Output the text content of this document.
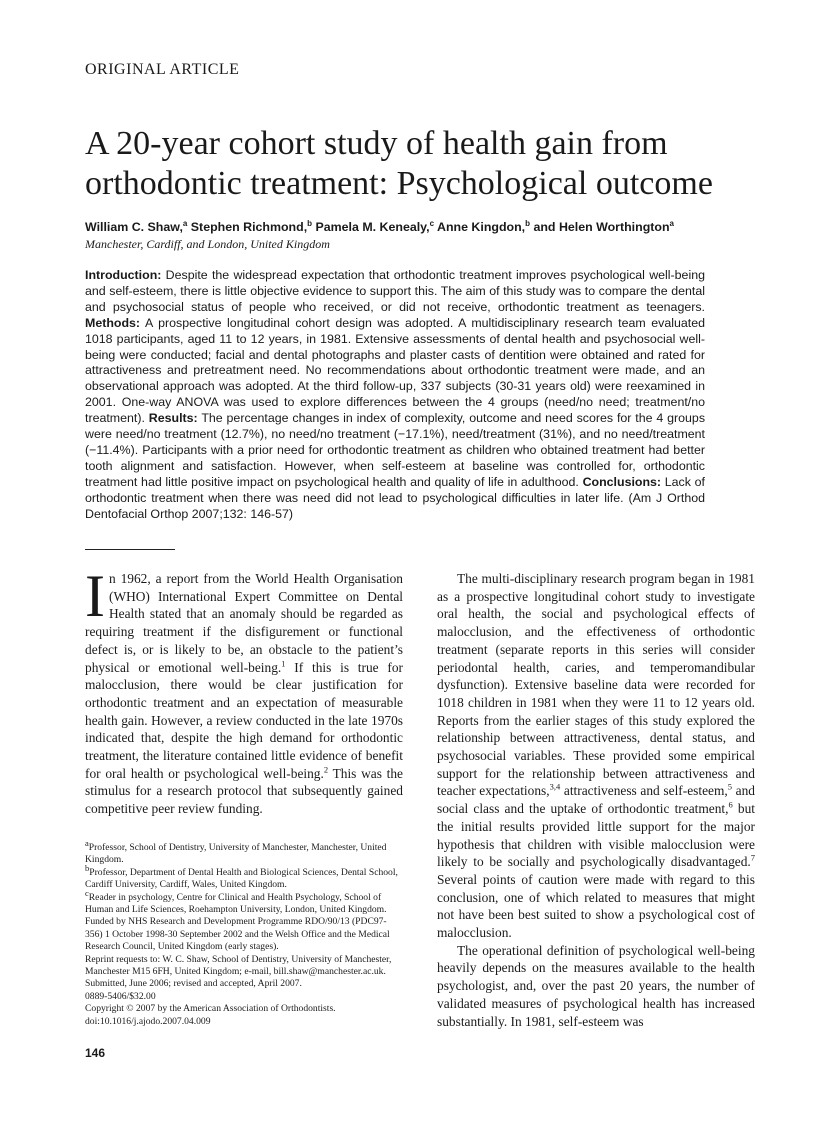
ORIGINAL ARTICLE
A 20-year cohort study of health gain from
orthodontic treatment: Psychological outcome
William C. Shaw,$^a$ Stephen Richmond,$^b$ Pamela M. Kenealy,$^c$ Anne Kingdon,$^b$ and Helen Worthington$^a$
Manchester, Cardiff, and London, United Kingdom

Introduction: Despite the widespread expectation that orthodontic treatment improves psychological well-being and self-esteem, there is little objective evidence to support this. The aim of this study was to compare the dental and psychosocial status of people who received, or did not receive, orthodontic treatment as teenagers. Methods: A prospective longitudinal cohort design was adopted. A multidisciplinary research team evaluated 1018 participants, aged 11 to 12 years, in 1981. Extensive assessments of dental health and psychosocial well-being were conducted; facial and dental photographs and plaster casts of dentition were obtained and rated for attractiveness and pretreatment need. No recommendations about orthodontic treatment were made, and an observational approach was adopted. At the third follow-up, 337 subjects (30-31 years old) were reexamined in 2001. One-way ANOVA was used to explore differences between the 4 groups (need/no need; treatment/no treatment). Results: The percentage changes in index of complexity, outcome and need scores for the 4 groups were need/no treatment (12.7%), no need/no treatment (−17.1%), need/treatment (31%), and no need/treatment (−11.4%). Participants with a prior need for orthodontic treatment as children who obtained treatment had better tooth alignment and satisfaction. However, when self-esteem at baseline was controlled for, orthodontic treatment had little positive impact on psychological health and quality of life in adulthood. Conclusions: Lack of orthodontic treatment when there was need did not lead to psychological difficulties in later life. (Am J Orthod Dentofacial Orthop 2007;132: 146-57)

In 1962, a report from the World Health Organisation (WHO) International Expert Committee on Dental Health stated that an anomaly should be regarded as requiring treatment if the disfigurement or functional defect is, or is likely to be, an obstacle to the patient’s physical or emotional well-being.$^1$ If this is true for malocclusion, there would be clear justification for orthodontic treatment and an expectation of measurable health gain. However, a review conducted in the late 1970s indicated that, despite the high demand for orthodontic treatment, the literature contained little evidence of benefit for oral health or psychological well-being.$^2$ This was the stimulus for a research protocol that subsequently gained competitive peer review funding.

$^a$Professor, School of Dentistry, University of Manchester, Manchester, United Kingdom.

$^b$Professor, Department of Dental Health and Biological Sciences, Dental School, Cardiff University, Cardiff, Wales, United Kingdom.

$^c$Reader in psychology, Centre for Clinical and Health Psychology, School of Human and Life Sciences, Roehampton University, London, United Kingdom.

Funded by NHS Research and Development Programme RDO/90/13 (PDC97-356) 1 October 1998-30 September 2002 and the Welsh Office and the Medical Research Council, United Kingdom (early stages).

Reprint requests to: W. C. Shaw, School of Dentistry, University of Manchester, Manchester M15 6FH, United Kingdom; e-mail, bill.shaw@manchester.ac.uk.

Submitted, June 2006; revised and accepted, April 2007.

0889-5406/$32.00

Copyright © 2007 by the American Association of Orthodontists.

doi:10.1016/j.ajodo.2007.04.009

The multi-disciplinary research program began in 1981 as a prospective longitudinal cohort study to investigate oral health, the social and psychological effects of malocclusion, and the effectiveness of orthodontic treatment (separate reports in this series will consider periodontal health, caries, and temperomandibular dysfunction). Extensive baseline data were recorded for 1018 children in 1981 when they were 11 to 12 years old. Reports from the earlier stages of this study explored the relationship between attractiveness, dental status, and psychosocial variables. These provided some empirical support for the relationship between attractiveness and teacher expectations,$^{3,4}$ attractiveness and self-esteem,$^5$ and social class and the uptake of orthodontic treatment,$^6$ but the initial results provided little support for the major hypothesis that children with visible malocclusion were likely to be socially and psychologically disadvantaged.$^7$ Several points of caution were made with regard to this conclusion, one of which related to measures that might not have been best suited to show a psychological cost of malocclusion.

The operational definition of psychological well-being heavily depends on the measures available to the health psychologist, and, over the past 20 years, the number of validated measures of psychological health has increased substantially. In 1981, self-esteem was

146
